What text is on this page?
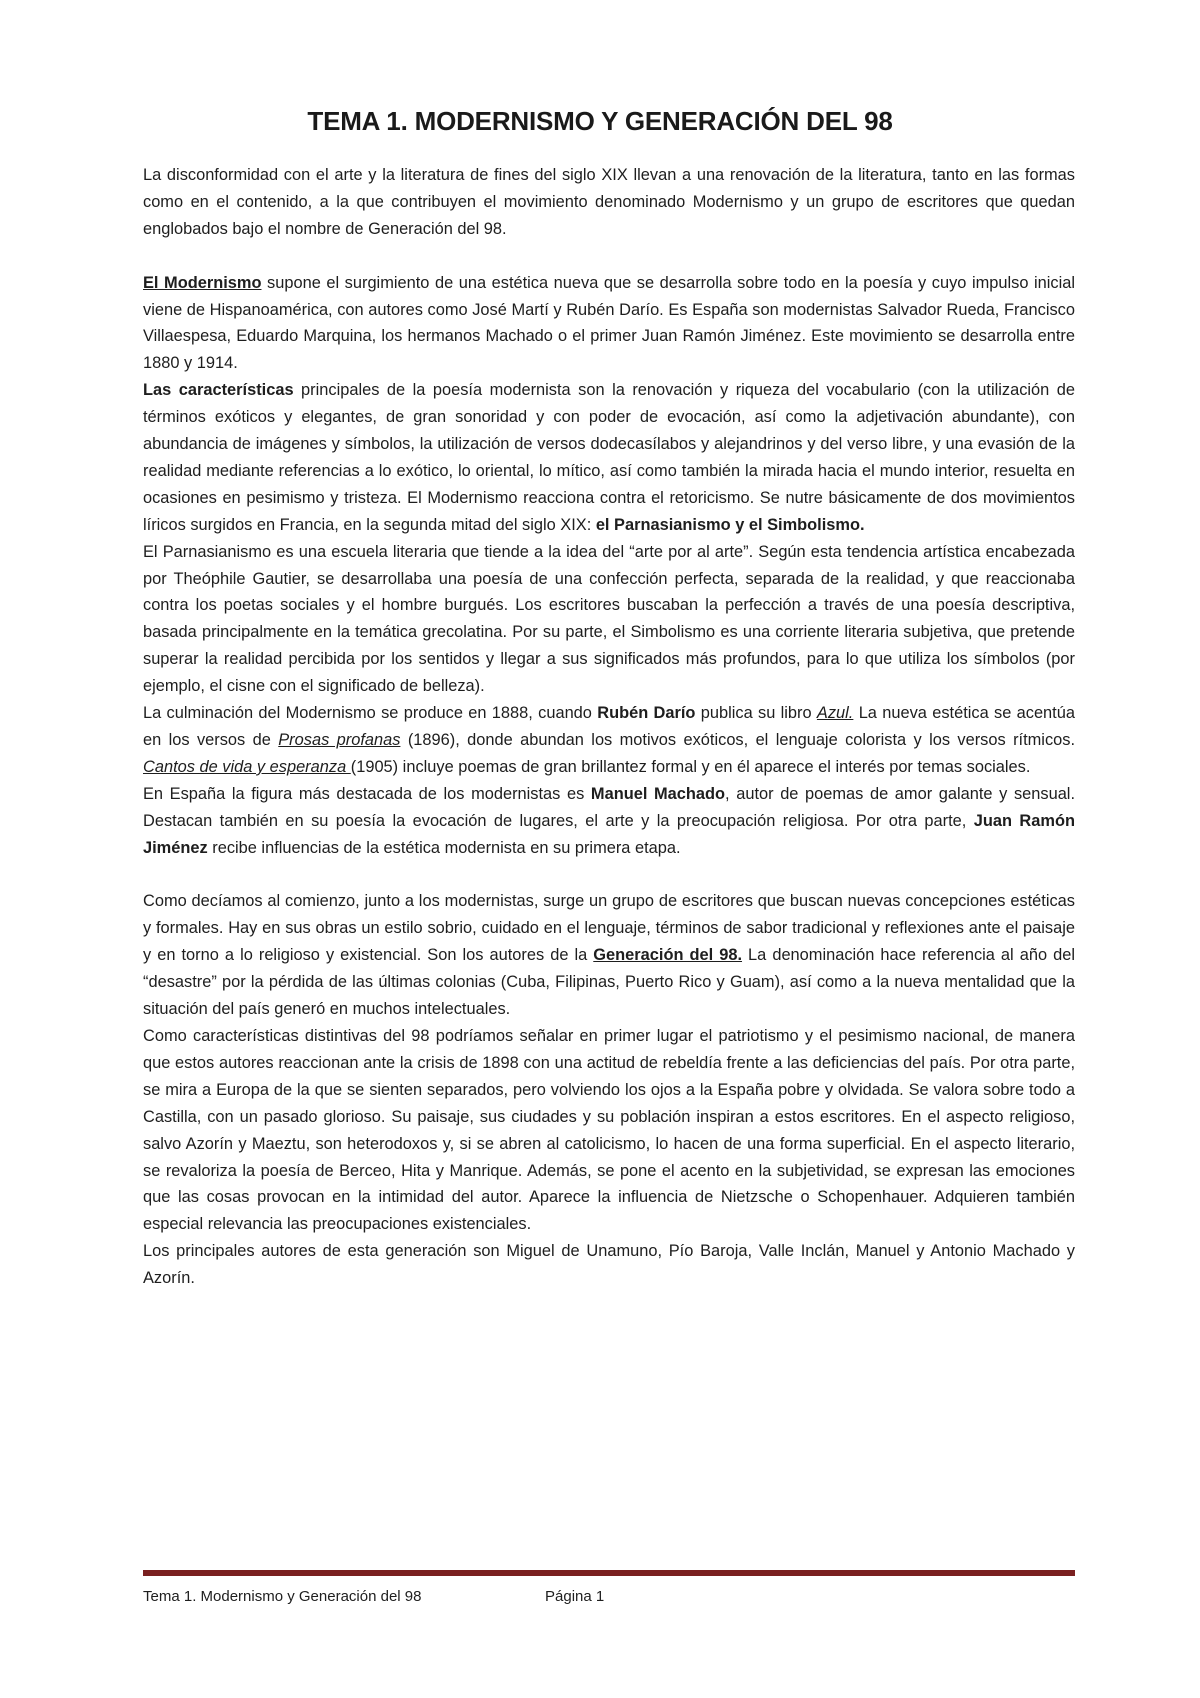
TEMA 1. MODERNISMO Y GENERACIÓN DEL 98

La disconformidad con el arte y la literatura de fines del siglo XIX llevan a una renovación de la literatura, tanto en las formas como en el contenido, a la que contribuyen el movimiento denominado Modernismo y un grupo de escritores que quedan englobados bajo el nombre de Generación del 98.

El Modernismo supone el surgimiento de una estética nueva que se desarrolla sobre todo en la poesía y cuyo impulso inicial viene de Hispanoamérica, con autores como José Martí y Rubén Darío. Es España son modernistas Salvador Rueda, Francisco Villaespesa, Eduardo Marquina, los hermanos Machado o el primer Juan Ramón Jiménez. Este movimiento se desarrolla entre 1880 y 1914.

Las características principales de la poesía modernista son la renovación y riqueza del vocabulario (con la utilización de términos exóticos y elegantes, de gran sonoridad y con poder de evocación, así como la adjetivación abundante), con abundancia de imágenes y símbolos, la utilización de versos dodecasílabos y alejandrinos y del verso libre, y una evasión de la realidad mediante referencias a lo exótico, lo oriental, lo mítico, así como también la mirada hacia el mundo interior, resuelta en ocasiones en pesimismo y tristeza. El Modernismo reacciona contra el retoricismo. Se nutre básicamente de dos movimientos líricos surgidos en Francia, en la segunda mitad del siglo XIX: el Parnasianismo y el Simbolismo.

El Parnasianismo es una escuela literaria que tiende a la idea del “arte por al arte”. Según esta tendencia artística encabezada por Theóphile Gautier, se desarrollaba una poesía de una confección perfecta, separada de la realidad, y que reaccionaba contra los poetas sociales y el hombre burgués. Los escritores buscaban la perfección a través de una poesía descriptiva, basada principalmente en la temática grecolatina. Por su parte, el Simbolismo es una corriente literaria subjetiva, que pretende superar la realidad percibida por los sentidos y llegar a sus significados más profundos, para lo que utiliza los símbolos (por ejemplo, el cisne con el significado de belleza).

La culminación del Modernismo se produce en 1888, cuando Rubén Darío publica su libro Azul. La nueva estética se acentúa en los versos de Prosas profanas (1896), donde abundan los motivos exóticos, el lenguaje colorista y los versos rítmicos. Cantos de vida y esperanza (1905) incluye poemas de gran brillantez formal y en él aparece el interés por temas sociales.

En España la figura más destacada de los modernistas es Manuel Machado, autor de poemas de amor galante y sensual. Destacan también en su poesía la evocación de lugares, el arte y la preocupación religiosa. Por otra parte, Juan Ramón Jiménez recibe influencias de la estética modernista en su primera etapa.

Como decíamos al comienzo, junto a los modernistas, surge un grupo de escritores que buscan nuevas concepciones estéticas y formales. Hay en sus obras un estilo sobrio, cuidado en el lenguaje, términos de sabor tradicional y reflexiones ante el paisaje y en torno a lo religioso y existencial. Son los autores de la Generación del 98. La denominación hace referencia al año del “desastre” por la pérdida de las últimas colonias (Cuba, Filipinas, Puerto Rico y Guam), así como a la nueva mentalidad que la situación del país generó en muchos intelectuales.

Como características distintivas del 98 podríamos señalar en primer lugar el patriotismo y el pesimismo nacional, de manera que estos autores reaccionan ante la crisis de 1898 con una actitud de rebeldía frente a las deficiencias del país. Por otra parte, se mira a Europa de la que se sienten separados, pero volviendo los ojos a la España pobre y olvidada. Se valora sobre todo a Castilla, con un pasado glorioso. Su paisaje, sus ciudades y su población inspiran a estos escritores. En el aspecto religioso, salvo Azorín y Maeztu, son heterodoxos y, si se abren al catolicismo, lo hacen de una forma superficial. En el aspecto literario, se revaloriza la poesía de Berceo, Hita y Manrique. Además, se pone el acento en la subjetividad, se expresan las emociones que las cosas provocan en la intimidad del autor. Aparece la influencia de Nietzsche o Schopenhauer. Adquieren también especial relevancia las preocupaciones existenciales.

Los principales autores de esta generación son Miguel de Unamuno, Pío Baroja, Valle Inclán, Manuel y Antonio Machado y Azorín.

Tema 1. Modernismo y Generación del 98	Página 1
